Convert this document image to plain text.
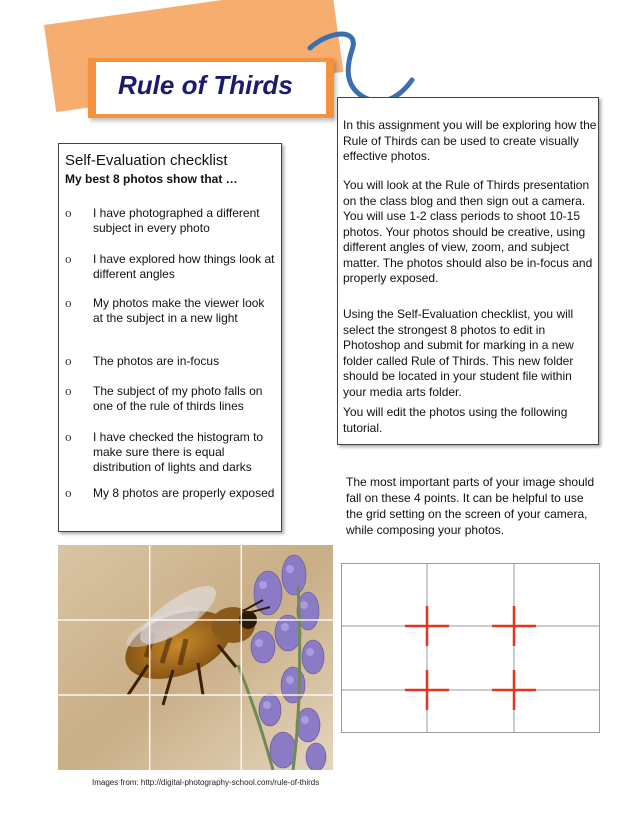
Rule of Thirds
Self-Evaluation checklist
My best 8 photos show that …
o	I have photographed a different subject in every photo
o	I have explored how things look at different angles
o	My photos make the viewer look at the subject in a new light
o	The photos are in-focus
o	The subject of my photo falls on one of the rule of thirds lines
o	I have checked the histogram to make sure there is equal distribution of lights and darks
o	My 8 photos are properly exposed
In this assignment you will be exploring how the Rule of Thirds can be used to create visually effective photos.
You will look at the Rule of Thirds presentation on the class blog and then sign out a camera. You will use 1-2 class periods to shoot 10-15 photos. Your photos should be creative, using different angles of view, zoom, and subject matter. The photos should also be in-focus and properly exposed.
Using the Self-Evaluation checklist, you will select the strongest 8 photos to edit in Photoshop and submit for marking in a new folder called Rule of Thirds. This new folder should be located in your student file within your media arts folder.
You will edit the photos using the following tutorial.
The most important parts of your image should fall on these 4 points. It can be helpful to use the grid setting on the screen of your camera, while composing your photos.
Images from: http://digital-photography-school.com/rule-of-thirds
